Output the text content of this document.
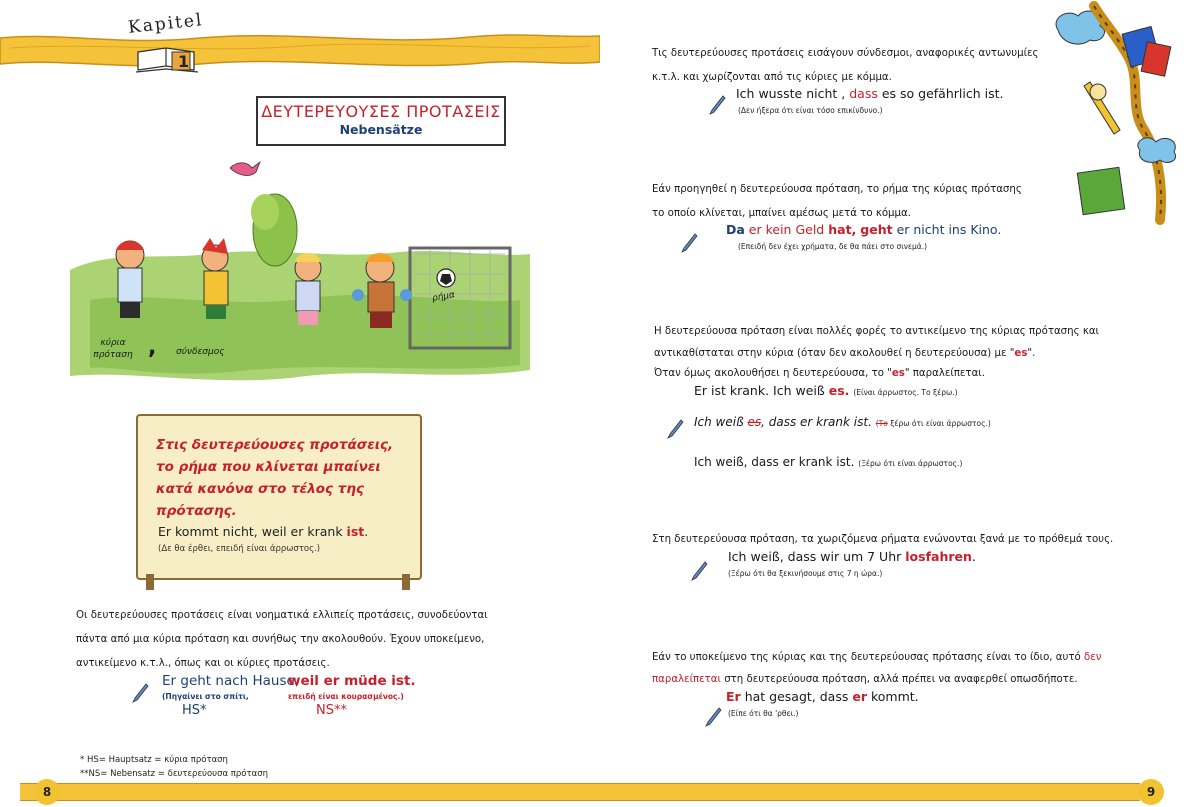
Kapitel
1
ΔΕΥΤΕΡΕΥΟΥΣΕΣ ΠΡΟΤΑΣΕΙΣ
Nebensätze
κύρια πρόταση , σύνδεσμος
ρήμα
Στις δευτερεύουσες προτάσεις, το ρήμα που κλίνεται μπαίνει κατά κανόνα στο τέλος της πρότασης.
Er kommt nicht, weil er krank ist.
(Δε θα έρθει, επειδή είναι άρρωστος.)
Οι δευτερεύουσες προτάσεις είναι νοηματικά ελλιπείς προτάσεις, συνοδεύονται πάντα από μια κύρια πρόταση και συνήθως την ακολουθούν. Έχουν υποκείμενο, αντικείμενο κ.τ.λ., όπως και οι κύριες προτάσεις.
Er geht nach Hause,
weil er müde ist.
(Πηγαίνει στο σπίτι,	επειδή είναι κουρασμένος.)
HS*	NS**
* HS= Hauptsatz = κύρια πρόταση
**NS= Nebensatz = δευτερεύουσα πρόταση
8
Τις δευτερεύουσες προτάσεις εισάγουν σύνδεσμοι, αναφορικές αντωνυμίες κ.τ.λ. και χωρίζονται από τις κύριες με κόμμα.
Ich wusste nicht , dass es so gefährlich ist.
(Δεν ήξερα ότι είναι τόσο επικίνδυνο.)
Εάν προηγηθεί η δευτερεύουσα πρόταση, το ρήμα της κύριας πρότασης το οποίο κλίνεται, μπαίνει αμέσως μετά το κόμμα.
Da er kein Geld hat, geht er nicht ins Kino.
(Επειδή δεν έχει χρήματα, δε θα πάει στο σινεμά.)
Η δευτερεύουσα πρόταση είναι πολλές φορές το αντικείμενο της κύριας πρότασης και
αντικαθίσταται στην κύρια (όταν δεν ακολουθεί η δευτερεύουσα) με "es".
Όταν όμως ακολουθήσει η δευτερεύουσα, το "es" παραλείπεται.
Er ist krank. Ich weiß es. (Είναι άρρωστος. Το ξέρω.)
Ich weiß es, dass er krank ist. (Το ξέρω ότι είναι άρρωστος.)
Ich weiß, dass er krank ist. (Ξέρω ότι είναι άρρωστος.)
Στη δευτερεύουσα πρόταση, τα χωριζόμενα ρήματα ενώνονται ξανά με το πρόθεμά τους.
Ich weiß, dass wir um 7 Uhr losfahren.
(Ξέρω ότι θα ξεκινήσουμε στις 7 η ώρα.)
Εάν το υποκείμενο της κύριας και της δευτερεύουσας πρότασης είναι το ίδιο, αυτό δεν
παραλείπεται στη δευτερεύουσα πρόταση, αλλά πρέπει να αναφερθεί οπωσδήποτε.
Er hat gesagt, dass er kommt.
(Είπε ότι θα 'ρθει.)
9
